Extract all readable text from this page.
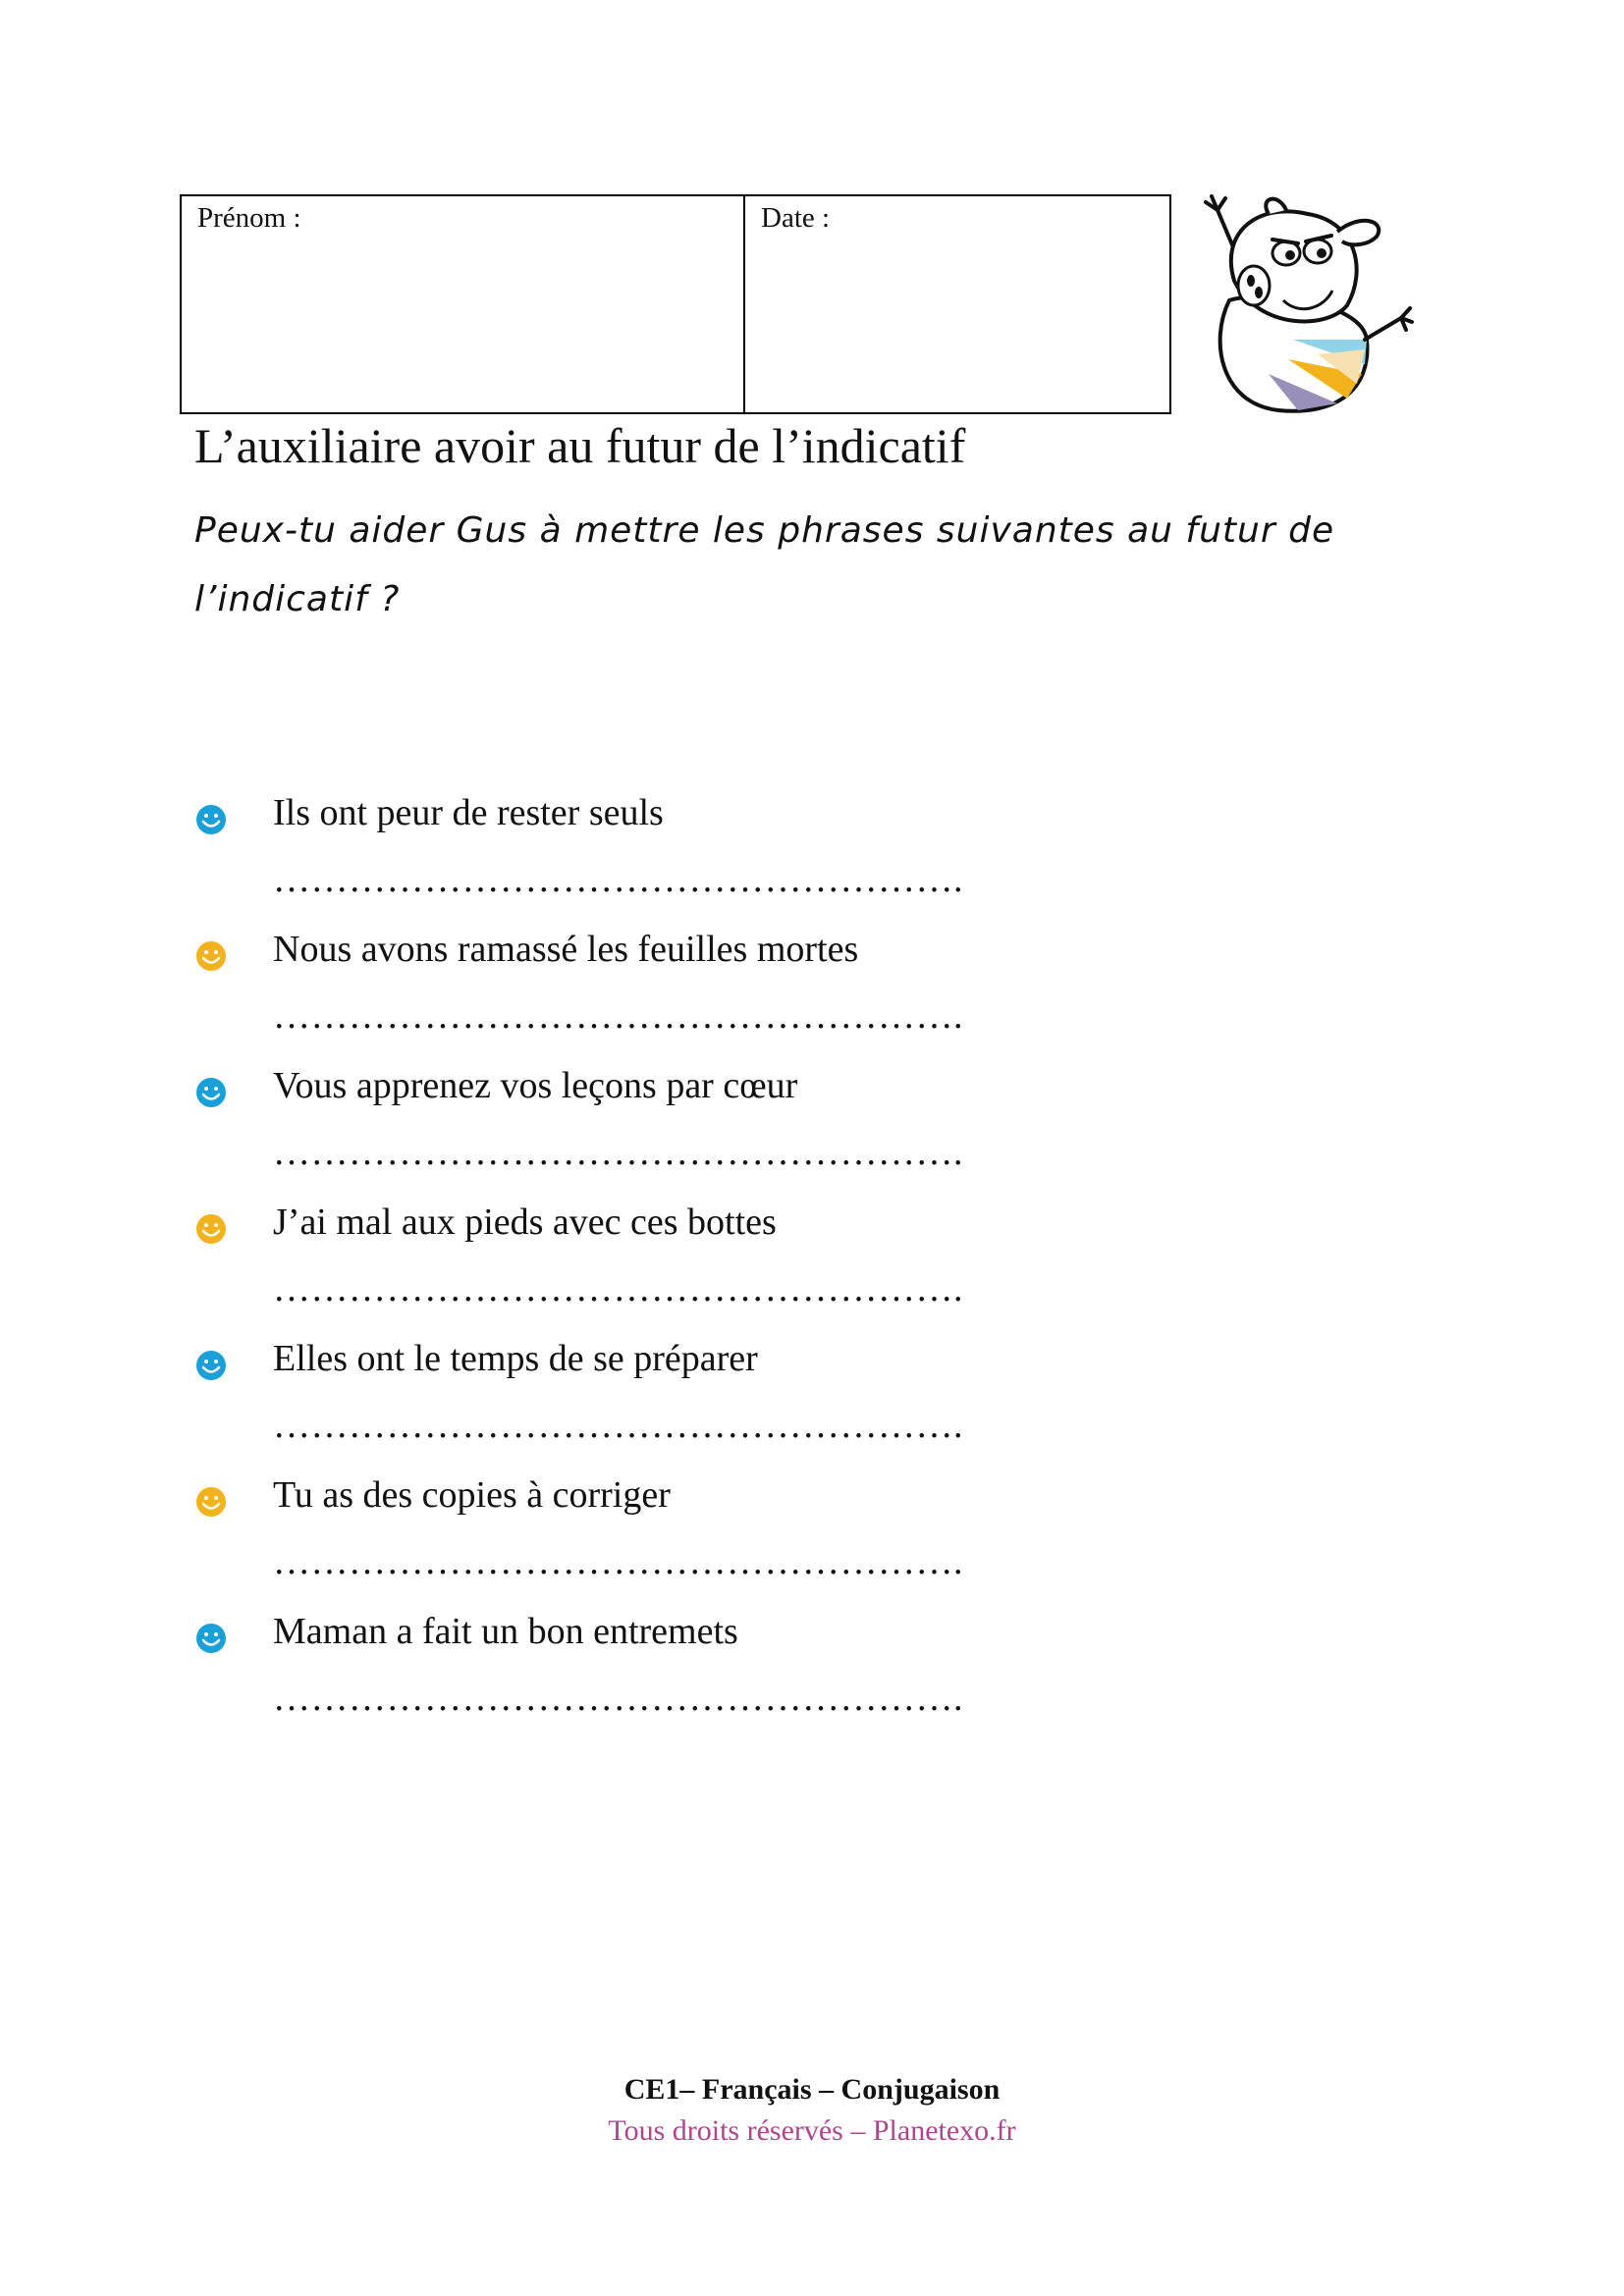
Prénom :	Date :
L’auxiliaire avoir au futur de l’indicatif

Peux-tu aider Gus à mettre les phrases suivantes au futur de l’indicatif ?

Ils ont peur de rester seuls
……………………………………………….
Nous avons ramassé les feuilles mortes
……………………………………………….
Vous apprenez vos leçons par cœur
……………………………………………….
J’ai mal aux pieds avec ces bottes
……………………………………………….
Elles ont le temps de se préparer
……………………………………………….
Tu as des copies à corriger
……………………………………………….
Maman a fait un bon entremets
……………………………………………….
CE1– Français – Conjugaison
Tous droits réservés – Planetexo.fr
